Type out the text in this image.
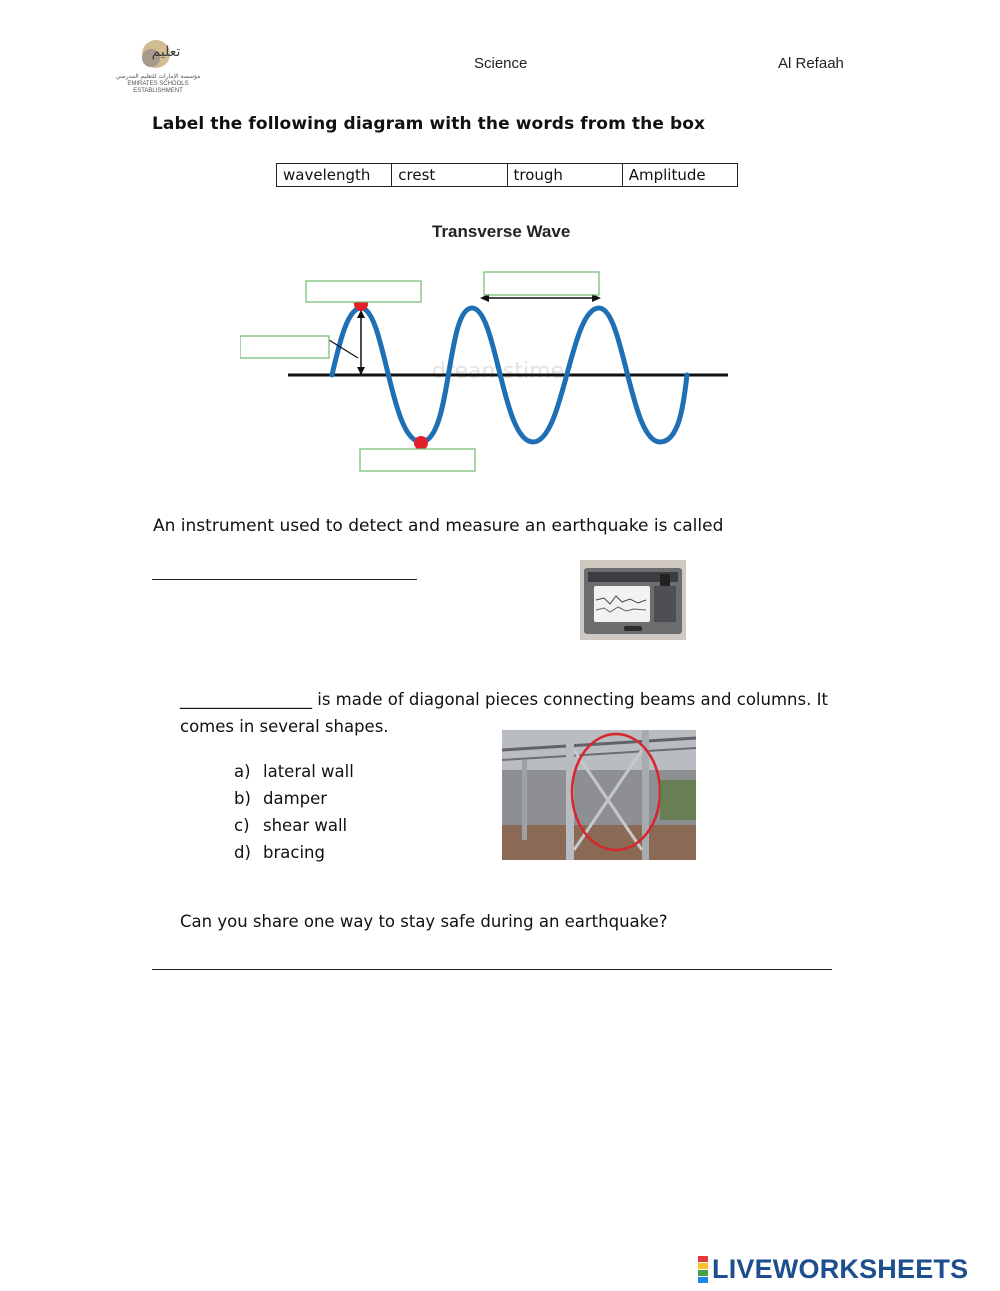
تعليم
مؤسسة الإمارات للتعليم المدرسي
EMIRATES SCHOOLS ESTABLISHMENT
Science	Al Refaah
Label the following diagram with the words from the box
wavelength	crest	trough	Amplitude
Transverse Wave
dreamstime
An instrument used to detect and measure an earthquake is called
________________ is made of diagonal pieces connecting beams and columns. It
comes in several shapes.
a) lateral wall
b) damper
c) shear wall
d) bracing
Can you share one way to stay safe during an earthquake?
LIVEWORKSHEETS
